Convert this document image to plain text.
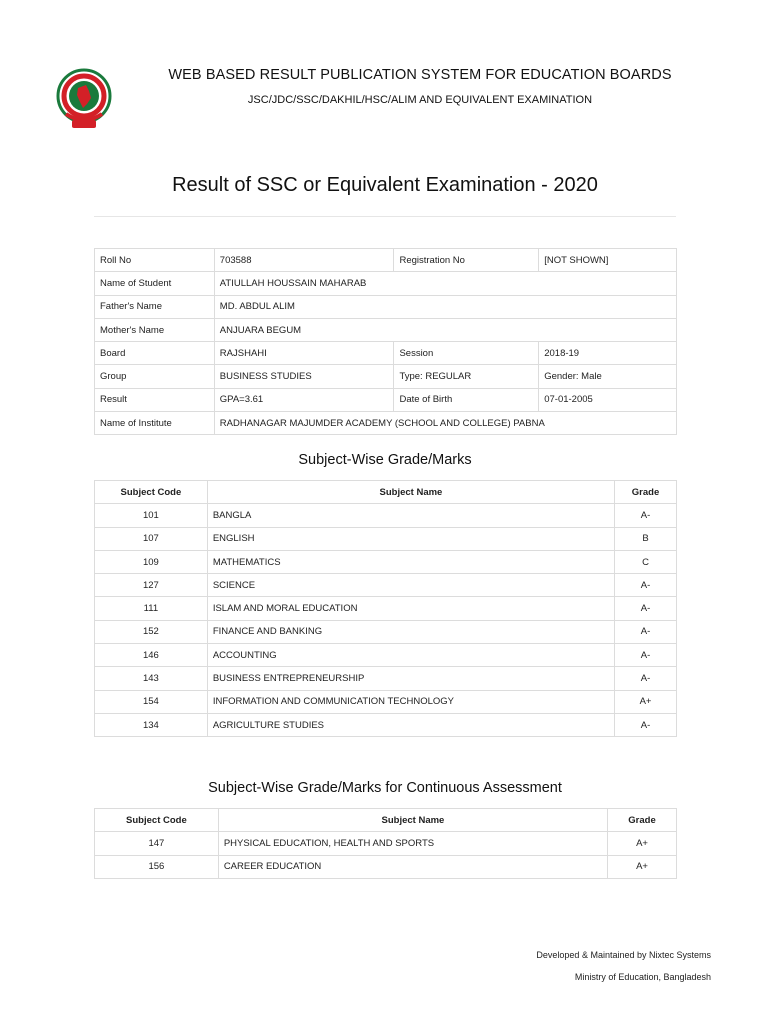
WEB BASED RESULT PUBLICATION SYSTEM FOR EDUCATION BOARDS
JSC/JDC/SSC/DAKHIL/HSC/ALIM AND EQUIVALENT EXAMINATION
Result of SSC or Equivalent Examination - 2020
Roll No	703588	Registration No	[NOT SHOWN]
Name of Student	ATIULLAH HOUSSAIN MAHARAB		
Father's Name	MD. ABDUL ALIM		
Mother's Name	ANJUARA BEGUM		
Board	RAJSHAHI	Session	2018-19
Group	BUSINESS STUDIES	Type: REGULAR	Gender: Male
Result	GPA=3.61	Date of Birth	07-01-2005
Name of Institute	RADHANAGAR MAJUMDER ACADEMY (SCHOOL AND COLLEGE) PABNA		
Subject-Wise Grade/Marks
Subject Code	Subject Name	Grade
101	BANGLA	A-
107	ENGLISH	B
109	MATHEMATICS	C
127	SCIENCE	A-
111	ISLAM AND MORAL EDUCATION	A-
152	FINANCE AND BANKING	A-
146	ACCOUNTING	A-
143	BUSINESS ENTREPRENEURSHIP	A-
154	INFORMATION AND COMMUNICATION TECHNOLOGY	A+
134	AGRICULTURE STUDIES	A-
Subject-Wise Grade/Marks for Continuous Assessment
Subject Code	Subject Name	Grade
147	PHYSICAL EDUCATION, HEALTH AND SPORTS	A+
156	CAREER EDUCATION	A+
Developed & Maintained by Nixtec Systems
Ministry of Education, Bangladesh
